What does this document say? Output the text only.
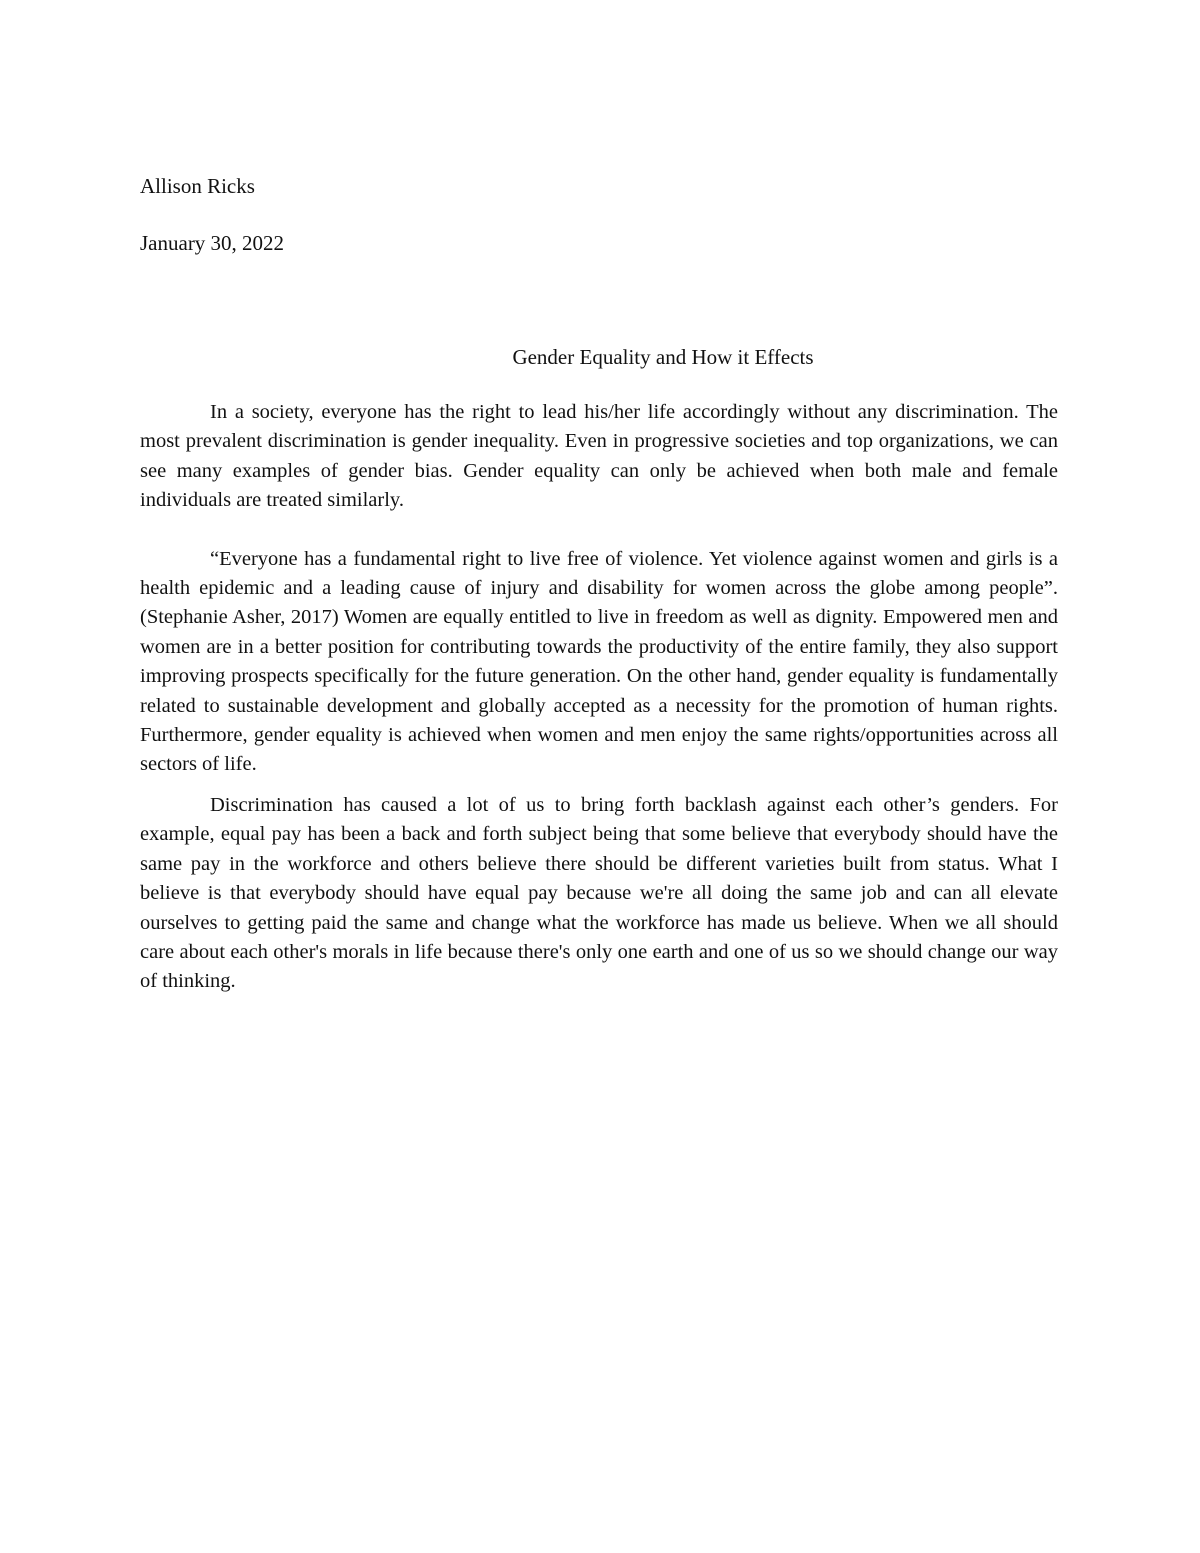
Allison Ricks

January 30, 2022

Gender Equality and How it Effects

In a society, everyone has the right to lead his/her life accordingly without any discrimination. The most prevalent discrimination is gender inequality. Even in progressive societies and top organizations, we can see many examples of gender bias. Gender equality can only be achieved when both male and female individuals are treated similarly.

“Everyone has a fundamental right to live free of violence. Yet violence against women and girls is a health epidemic and a leading cause of injury and disability for women across the globe among people”. (Stephanie Asher, 2017) Women are equally entitled to live in freedom as well as dignity. Empowered men and women are in a better position for contributing towards the productivity of the entire family, they also support improving prospects specifically for the future generation. On the other hand, gender equality is fundamentally related to sustainable development and globally accepted as a necessity for the promotion of human rights. Furthermore, gender equality is achieved when women and men enjoy the same rights/opportunities across all sectors of life.

Discrimination has caused a lot of us to bring forth backlash against each other’s genders. For example, equal pay has been a back and forth subject being that some believe that everybody should have the same pay in the workforce and others believe there should be different varieties built from status. What I believe is that everybody should have equal pay because we're all doing the same job and can all elevate ourselves to getting paid the same and change what the workforce has made us believe. When we all should care about each other's morals in life because there's only one earth and one of us so we should change our way of thinking.
